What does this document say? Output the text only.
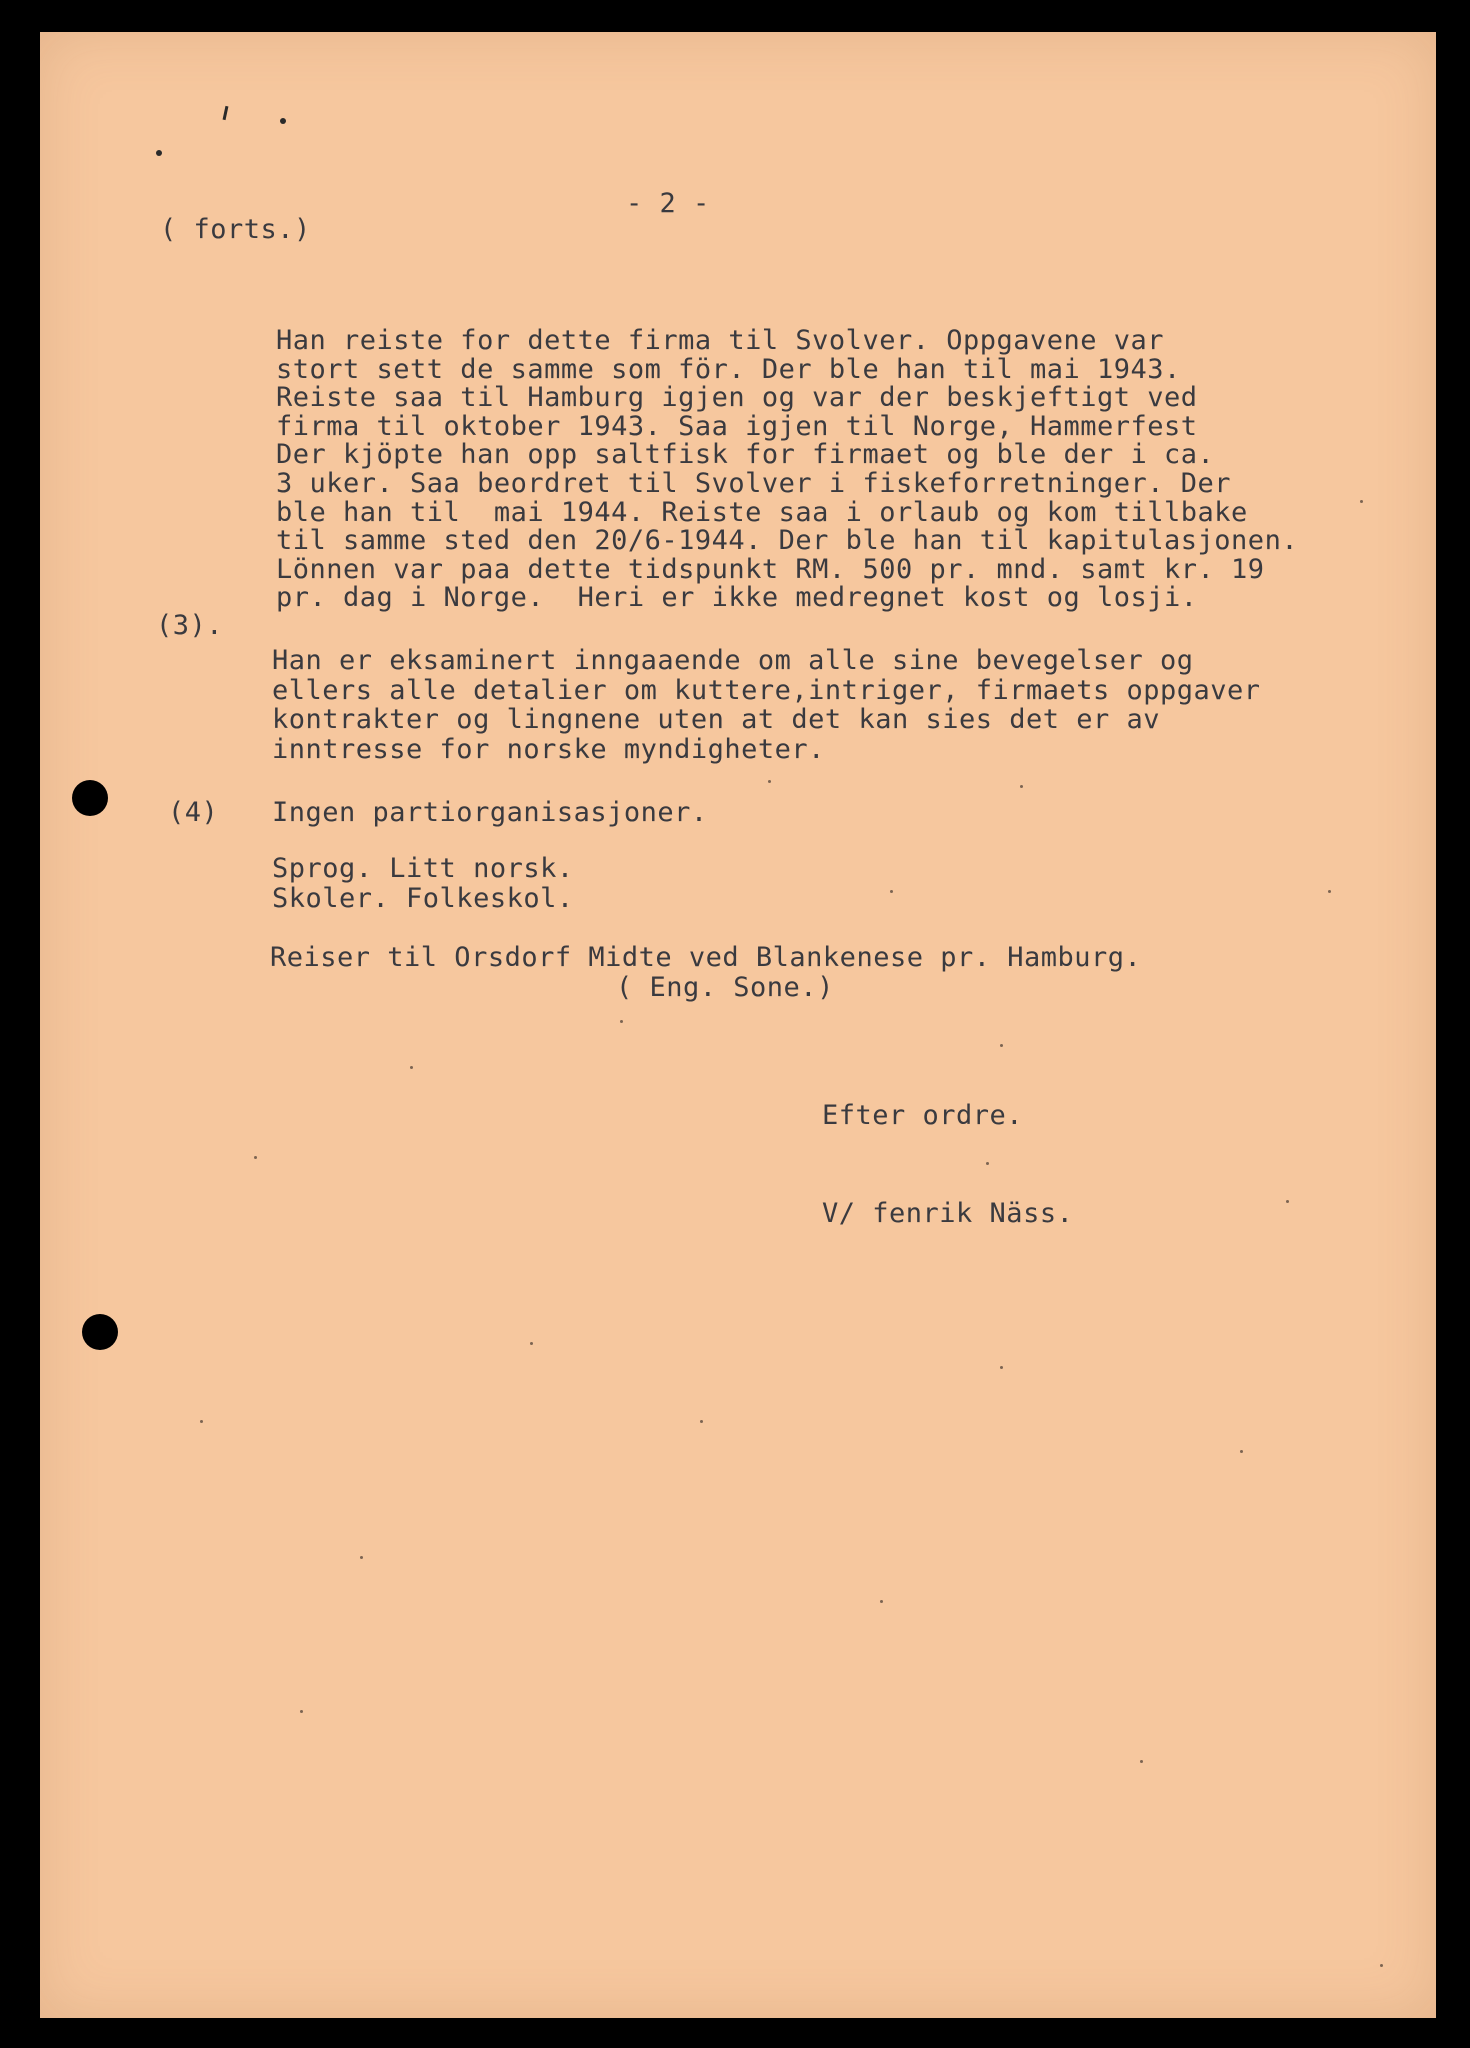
- 2 -
( forts.)
Han reiste for dette firma til Svolver. Oppgavene var
stort sett de samme som för. Der ble han til mai 1943.
Reiste saa til Hamburg igjen og var der beskjeftigt ved
firma til oktober 1943. Saa igjen til Norge, Hammerfest
Der kjöpte han opp saltfisk for firmaet og ble der i ca.
3 uker. Saa beordret til Svolver i fiskeforretninger. Der
ble han til  mai 1944. Reiste saa i orlaub og kom tillbake
til samme sted den 20/6-1944. Der ble han til kapitulasjonen.
Lönnen var paa dette tidspunkt RM. 500 pr. mnd. samt kr. 19
pr. dag i Norge.  Heri er ikke medregnet kost og losji.
(3).
Han er eksaminert inngaaende om alle sine bevegelser og
ellers alle detalier om kuttere,intriger, firmaets oppgaver
kontrakter og lingnene uten at det kan sies det er av
inntresse for norske myndigheter.
(4) Ingen partiorganisasjoner.
Sprog. Litt norsk.
Skoler. Folkeskol.
Reiser til Orsdorf Midte ved Blankenese pr. Hamburg.
( Eng. Sone.)
Efter ordre.
V/ fenrik Näss.
